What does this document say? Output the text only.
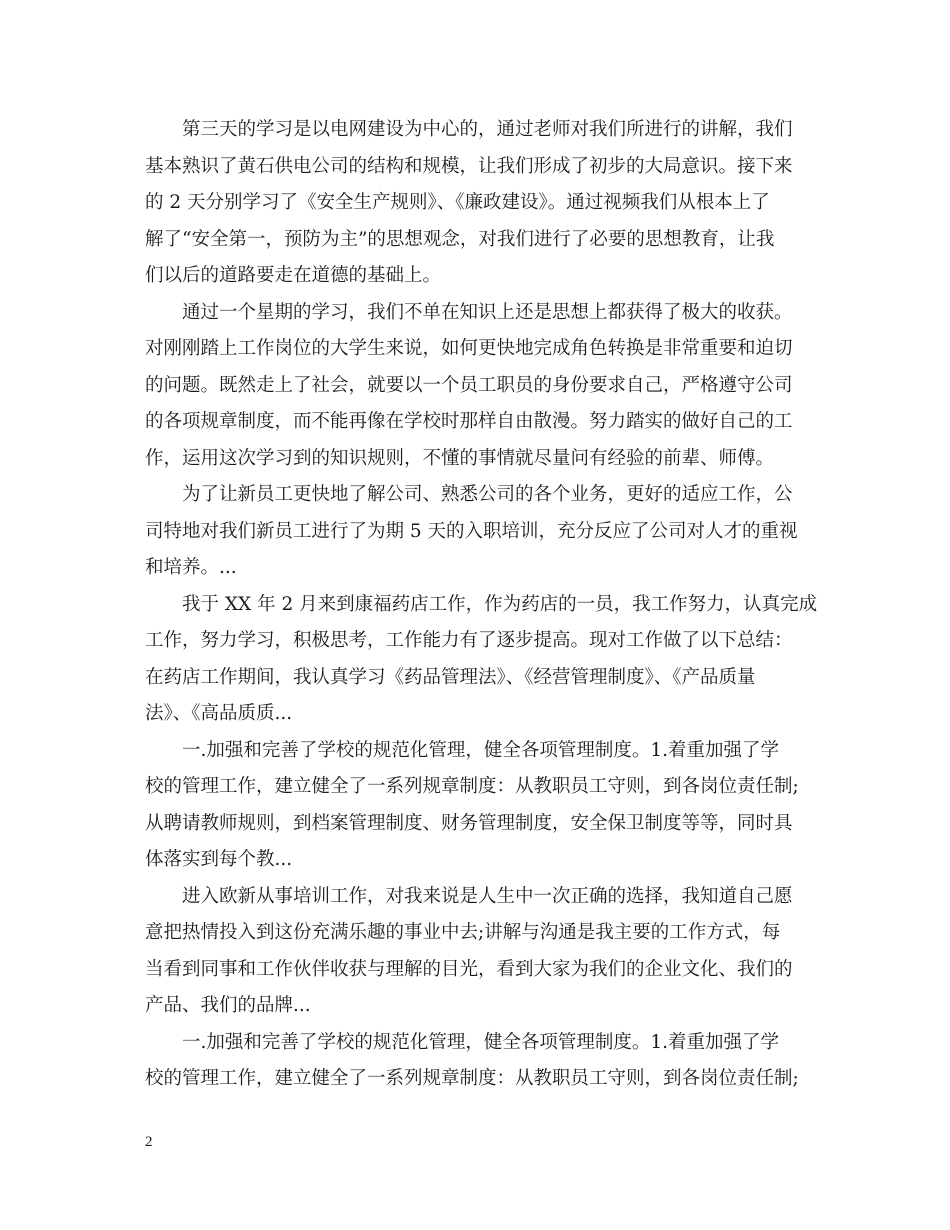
　　第三天的学习是以电网建设为中心的，通过老师对我们所进行的讲解，我们
基本熟识了黄石供电公司的结构和规模，让我们形成了初步的大局意识。接下来
的 2 天分别学习了《安全生产规则》、《廉政建设》。通过视频我们从根本上了
解了“安全第一，预防为主”的思想观念，对我们进行了必要的思想教育，让我
们以后的道路要走在道德的基础上。

　　通过一个星期的学习，我们不单在知识上还是思想上都获得了极大的收获。
对刚刚踏上工作岗位的大学生来说，如何更快地完成角色转换是非常重要和迫切
的问题。既然走上了社会，就要以一个员工职员的身份要求自己，严格遵守公司
的各项规章制度，而不能再像在学校时那样自由散漫。努力踏实的做好自己的工
作，运用这次学习到的知识规则，不懂的事情就尽量问有经验的前辈、师傅。

　　为了让新员工更快地了解公司、熟悉公司的各个业务，更好的适应工作，公
司特地对我们新员工进行了为期 5 天的入职培训，充分反应了公司对人才的重视
和培养。...

　　我于 XX 年 2 月来到康福药店工作，作为药店的一员，我工作努力，认真完成
工作，努力学习，积极思考，工作能力有了逐步提高。现对工作做了以下总结：
在药店工作期间，我认真学习《药品管理法》、《经营管理制度》、《产品质量
法》、《高品质质...

　　一.加强和完善了学校的规范化管理，健全各项管理制度。1.着重加强了学
校的管理工作，建立健全了一系列规章制度：从教职员工守则，到各岗位责任制;
从聘请教师规则，到档案管理制度、财务管理制度，安全保卫制度等等，同时具
体落实到每个教...

　　进入欧新从事培训工作，对我来说是人生中一次正确的选择，我知道自己愿
意把热情投入到这份充满乐趣的事业中去;讲解与沟通是我主要的工作方式，每
当看到同事和工作伙伴收获与理解的目光，看到大家为我们的企业文化、我们的
产品、我们的品牌...

　　一.加强和完善了学校的规范化管理，健全各项管理制度。1.着重加强了学
校的管理工作，建立健全了一系列规章制度：从教职员工守则，到各岗位责任制;

2
